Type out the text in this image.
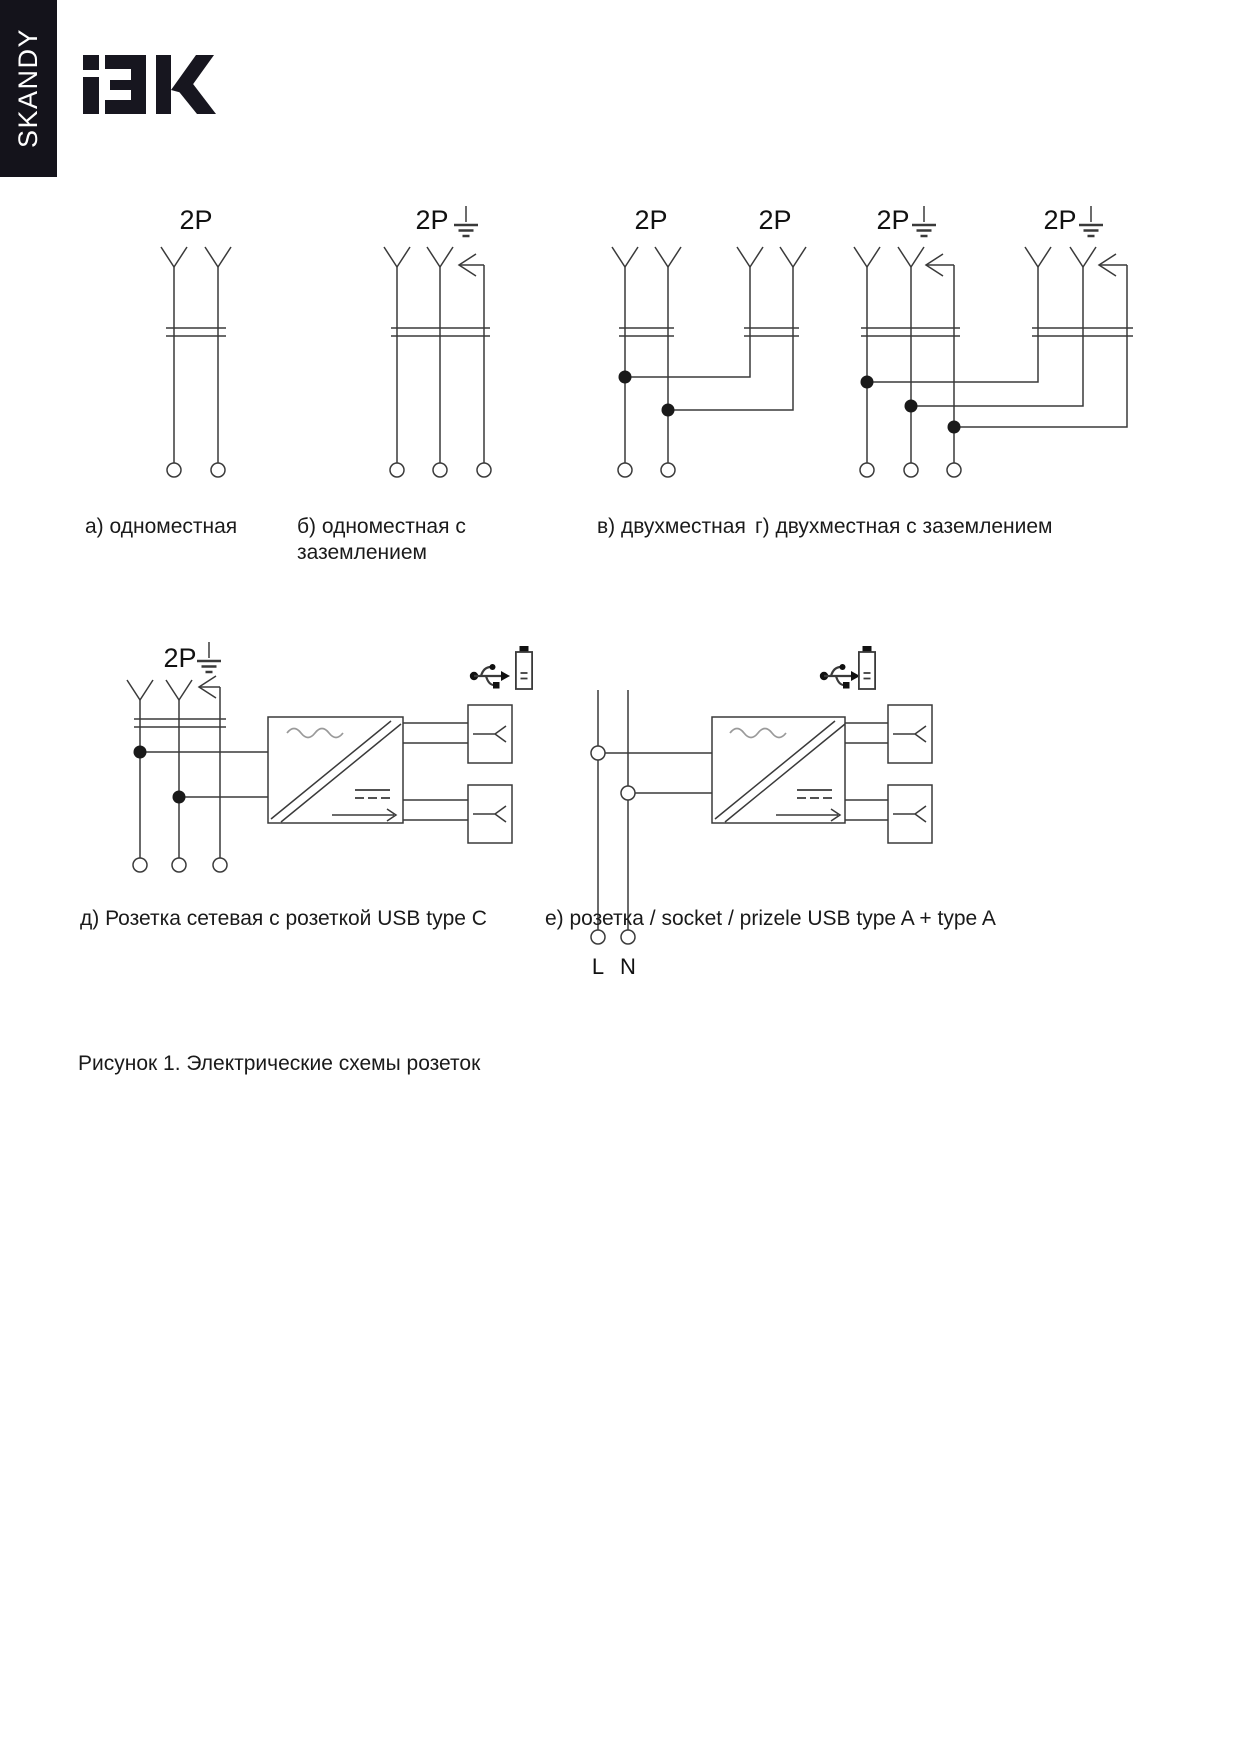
SKANDY
2P	2P	2P	2P	2P	2P
2P
L N
а) одноместная	б) одноместная с
заземлением
в) двухместная г) двухместная с заземлением
д) Розетка сетевая с розеткой USB type C	е) розетка / socket / prizele USB type A + type A
Рисунок 1. Электрические схемы розеток
